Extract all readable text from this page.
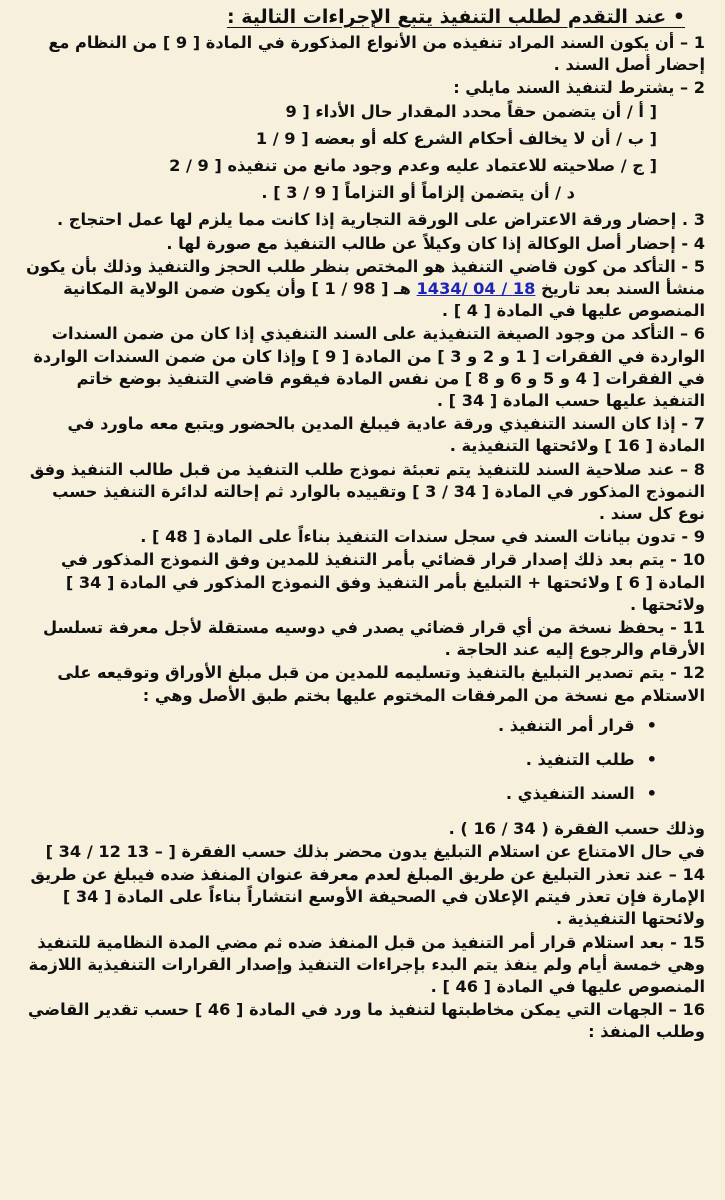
• عند التقدم لطلب التنفيذ يتبع الإجراءات التالية :

1 – أن يكون السند المراد تنفيذه من الأنواع المذكورة في المادة [ 9 ] من النظام مع إحضار أصل السند .

2 – يشترط لتنفيذ السند مايلي :

[ أ / أن يتضمن حقاً محدد المقدار حال الأداء [ 9

[ ب / أن لا يخالف أحكام الشرع كله أو بعضه [ 9 / 1

[ ج / صلاحيته للاعتماد عليه وعدم وجود مانع من تنفيذه [ 9 / 2

د / أن يتضمن إلزاماً أو التزاماً [ 9 / 3 ] .

3 . إحضار ورقة الاعتراض على الورقة التجارية إذا كانت مما يلزم لها عمل احتجاج .

4 - إحضار أصل الوكالة إذا كان وكيلاً عن طالب التنفيذ مع صورة لها .

5 - التأكد من كون قاضي التنفيذ هو المختص بنظر طلب الحجز والتنفيذ وذلك بأن يكون منشأ السند بعد تاريخ 18 / 04 /1434 هـ [ 98 / 1 ] وأن يكون ضمن الولاية المكانية المنصوص عليها في المادة [ 4 ] .

6 – التأكد من وجود الصيغة التنفيذية على السند التنفيذي إذا كان من ضمن السندات الواردة في الفقرات [ 1 و 2 و 3 ] من المادة [ 9 ] وإذا كان من ضمن السندات الواردة في الفقرات [ 4 و 5 و 6 و 8 ] من نفس المادة فيقوم قاضي التنفيذ بوضع خاتم التنفيذ عليها حسب المادة [ 34 ] .

7 - إذا كان السند التنفيذي ورقة عادية فيبلغ المدين بالحضور ويتبع معه ماورد في المادة [ 16 ] ولائحتها التنفيذية .

8 – عند صلاحية السند للتنفيذ يتم تعبئة نموذج طلب التنفيذ من قبل طالب التنفيذ وفق النموذج المذكور في المادة [ 34 / 3 ] وتقييده بالوارد ثم إحالته لدائرة التنفيذ حسب نوع كل سند .

9 - تدون بيانات السند في سجل سندات التنفيذ بناءاً على المادة [ 48 ] .

10 - يتم بعد ذلك إصدار قرار قضائي بأمر التنفيذ للمدين وفق النموذج المذكور في المادة [ 6 ] ولائحتها + التبليغ بأمر التنفيذ وفق النموذج المذكور في المادة [ 34 ] ولائحتها .

11 - يحفظ نسخة من أي قرار قضائي يصدر في دوسيه مستقلة لأجل معرفة تسلسل الأرقام والرجوع إليه عند الحاجة .

12 - يتم تصدير التبليغ بالتنفيذ وتسليمه للمدين من قبل مبلغ الأوراق وتوقيعه على الاستلام مع نسخة من المرفقات المختوم عليها بختم طبق الأصل وهي :

•قرار أمر التنفيذ .
•طلب التنفيذ .
•السند التنفيذي .

وذلك حسب الفقرة ( 34 / 16 ) .

في حال الامتناع عن استلام التبليغ يدون محضر بذلك حسب الفقرة [ – 13 12 / 34 ]

14 – عند تعذر التبليغ عن طريق المبلغ لعدم معرفة عنوان المنفذ ضده فيبلغ عن طريق الإمارة فإن تعذر فيتم الإعلان في الصحيفة الأوسع انتشاراً بناءاً على المادة [ 34 ] ولائحتها التنفيذية .

15 - بعد استلام قرار أمر التنفيذ من قبل المنفذ ضده ثم مضي المدة النظامية للتنفيذ وهي خمسة أيام ولم ينفذ يتم البدء بإجراءات التنفيذ وإصدار القرارات التنفيذية اللازمة المنصوص عليها في المادة [ 46 ] .

16 – الجهات التي يمكن مخاطبتها لتنفيذ ما ورد في المادة [ 46 ] حسب تقدير القاضي وطلب المنفذ :
